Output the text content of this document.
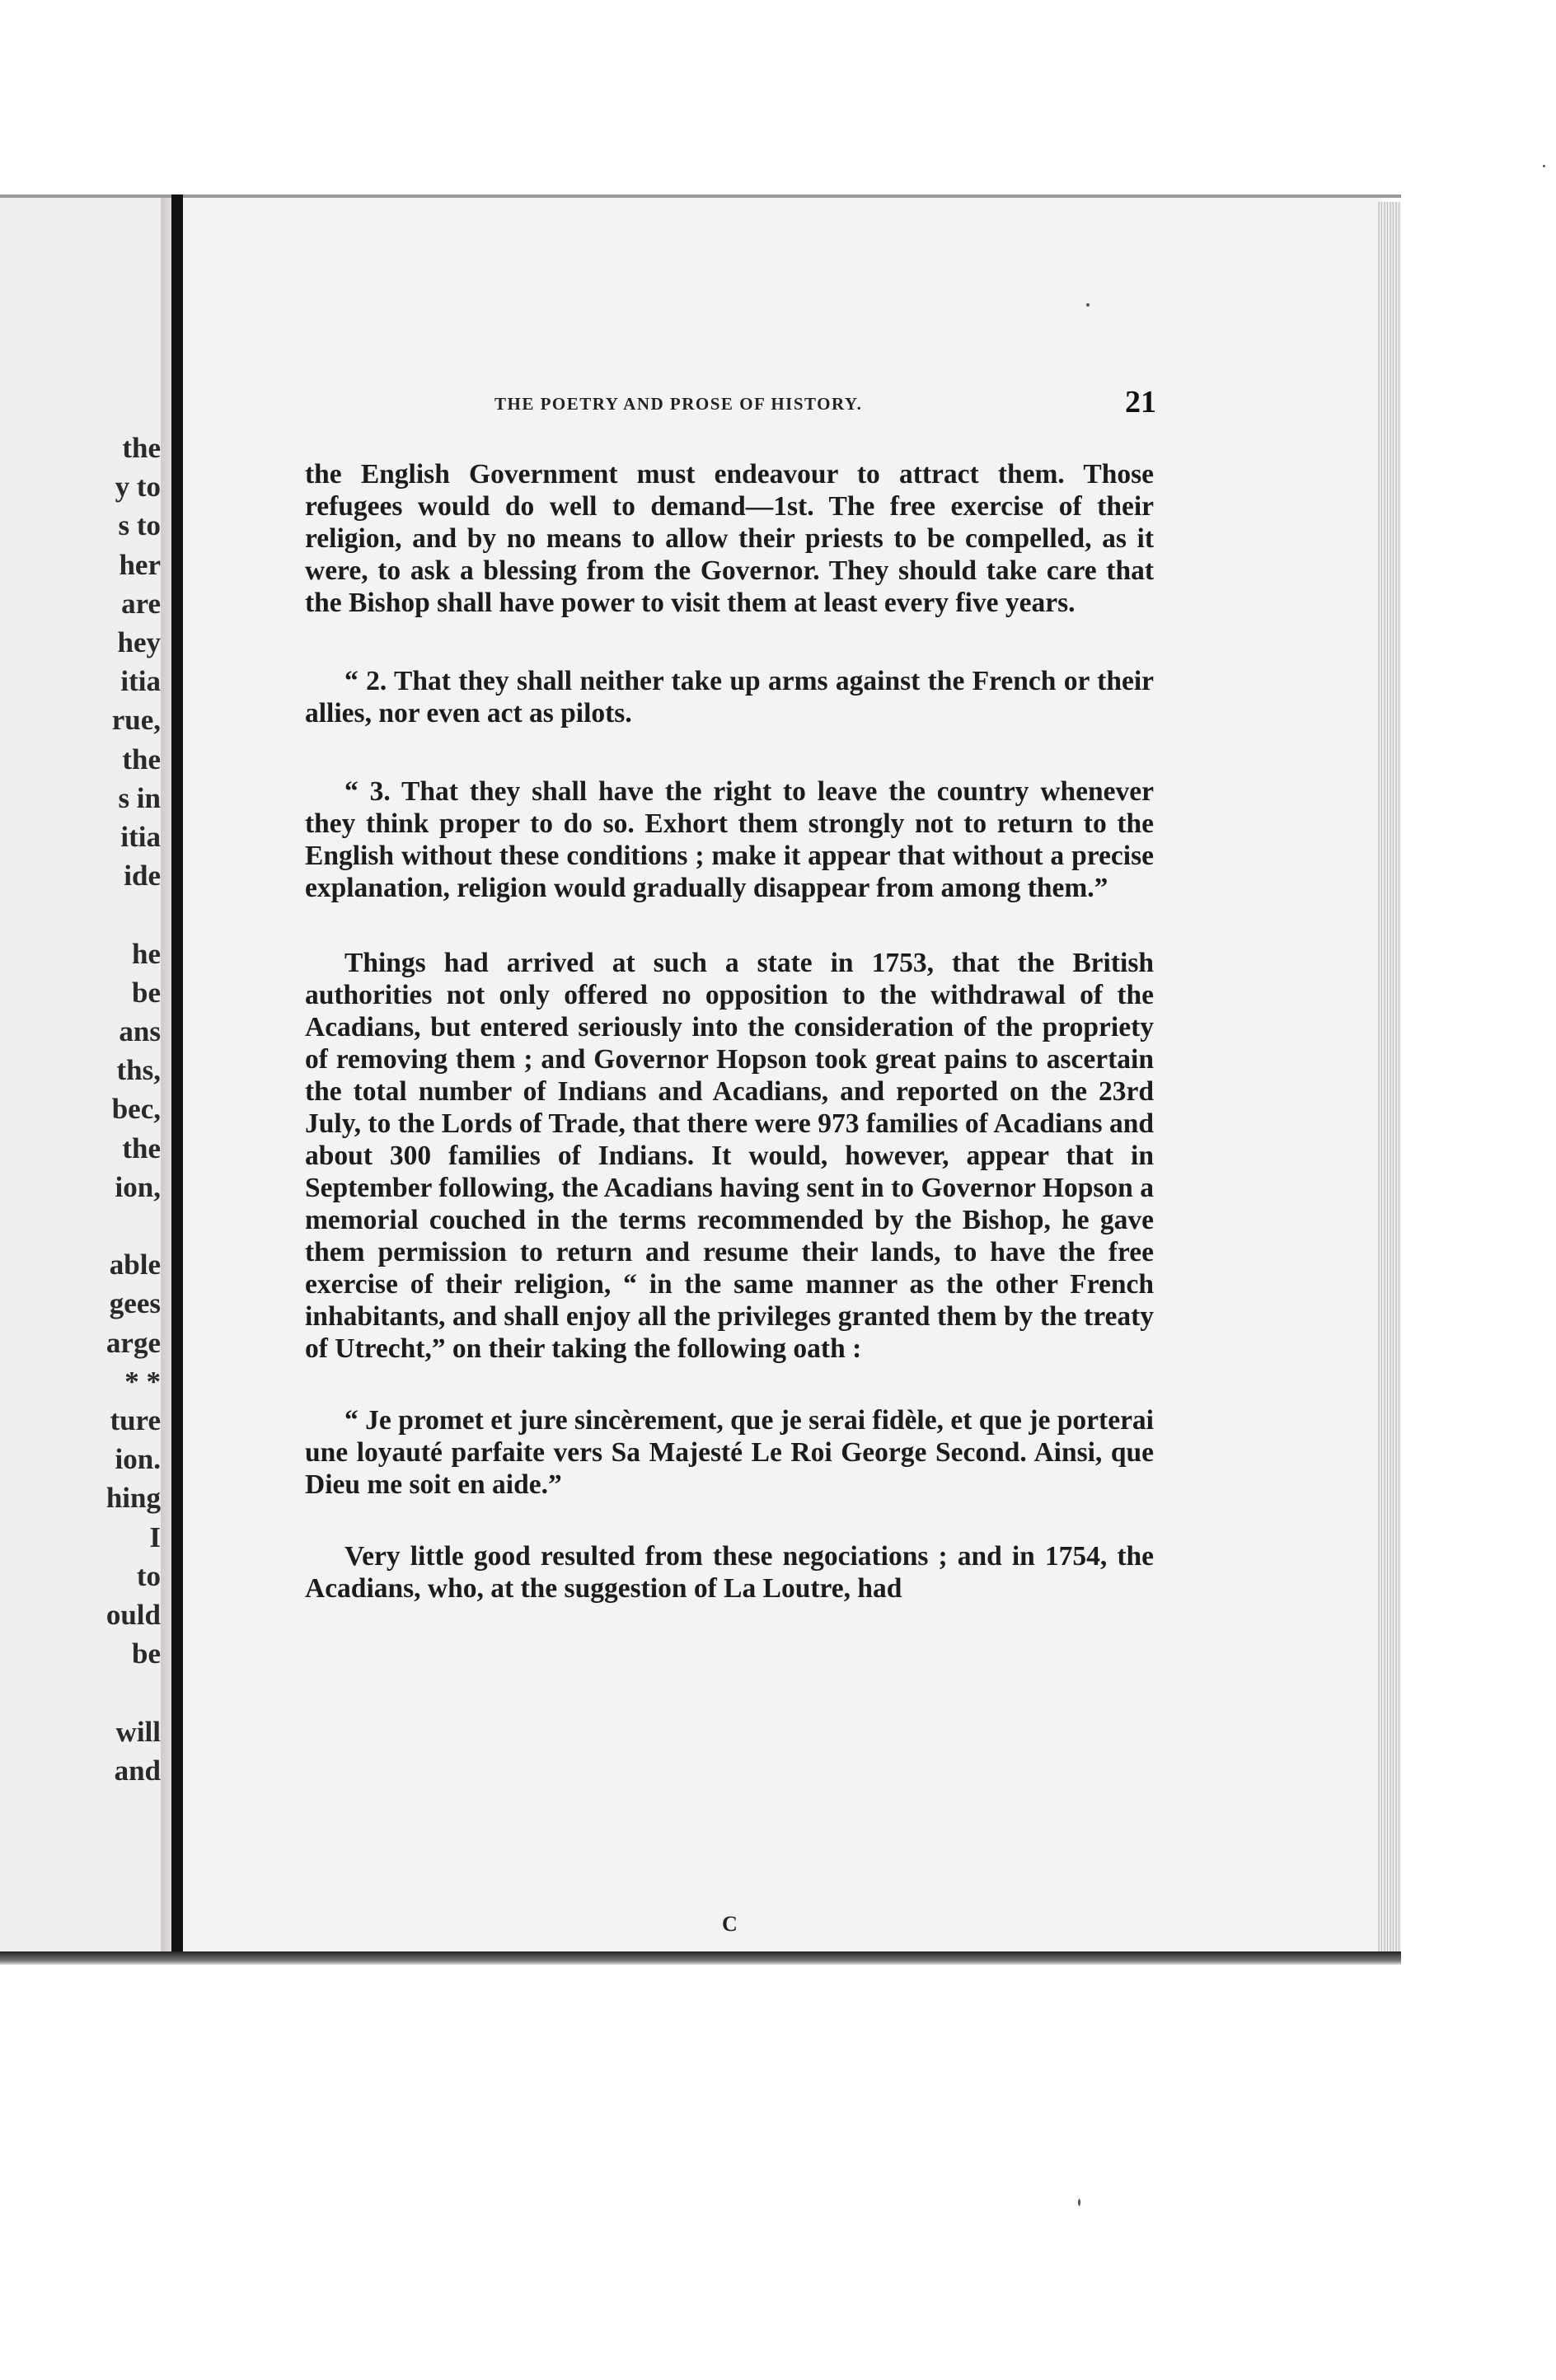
the
y to
s to
her
are
hey
itia
rue,
the
s in
itia
ide

he
be
ans
ths,
bec,
the
ion,

able
gees
arge
* *
ture
ion.
hing
I
to
ould
be

will
and
THE POETRY AND PROSE OF HISTORY.	21

the English Government must endeavour to attract them. Those refugees would do well to demand—1st. The free exercise of their religion, and by no means to allow their priests to be compelled, as it were, to ask a blessing from the Governor. They should take care that the Bishop shall have power to visit them at least every five years.

“ 2. That they shall neither take up arms against the French or their allies, nor even act as pilots.

“ 3. That they shall have the right to leave the country whenever they think proper to do so. Exhort them strongly not to return to the English without these conditions ; make it appear that without a precise explanation, religion would gradually disappear from among them.”

Things had arrived at such a state in 1753, that the British authorities not only offered no opposition to the withdrawal of the Acadians, but entered seriously into the consideration of the propriety of removing them ; and Governor Hopson took great pains to ascertain the total number of Indians and Acadians, and reported on the 23rd July, to the Lords of Trade, that there were 973 families of Acadians and about 300 families of Indians. It would, however, appear that in September following, the Acadians having sent in to Governor Hopson a memorial couched in the terms recommended by the Bishop, he gave them permission to return and resume their lands, to have the free exercise of their religion, “ in the same manner as the other French inhabitants, and shall enjoy all the privileges granted them by the treaty of Utrecht,” on their taking the following oath :

“ Je promet et jure sincèrement, que je serai fidèle, et que je porterai une loyauté parfaite vers Sa Majesté Le Roi George Second. Ainsi, que Dieu me soit en aide.”

Very little good resulted from these negociations ; and in 1754, the Acadians, who, at the suggestion of La Loutre, had

C
